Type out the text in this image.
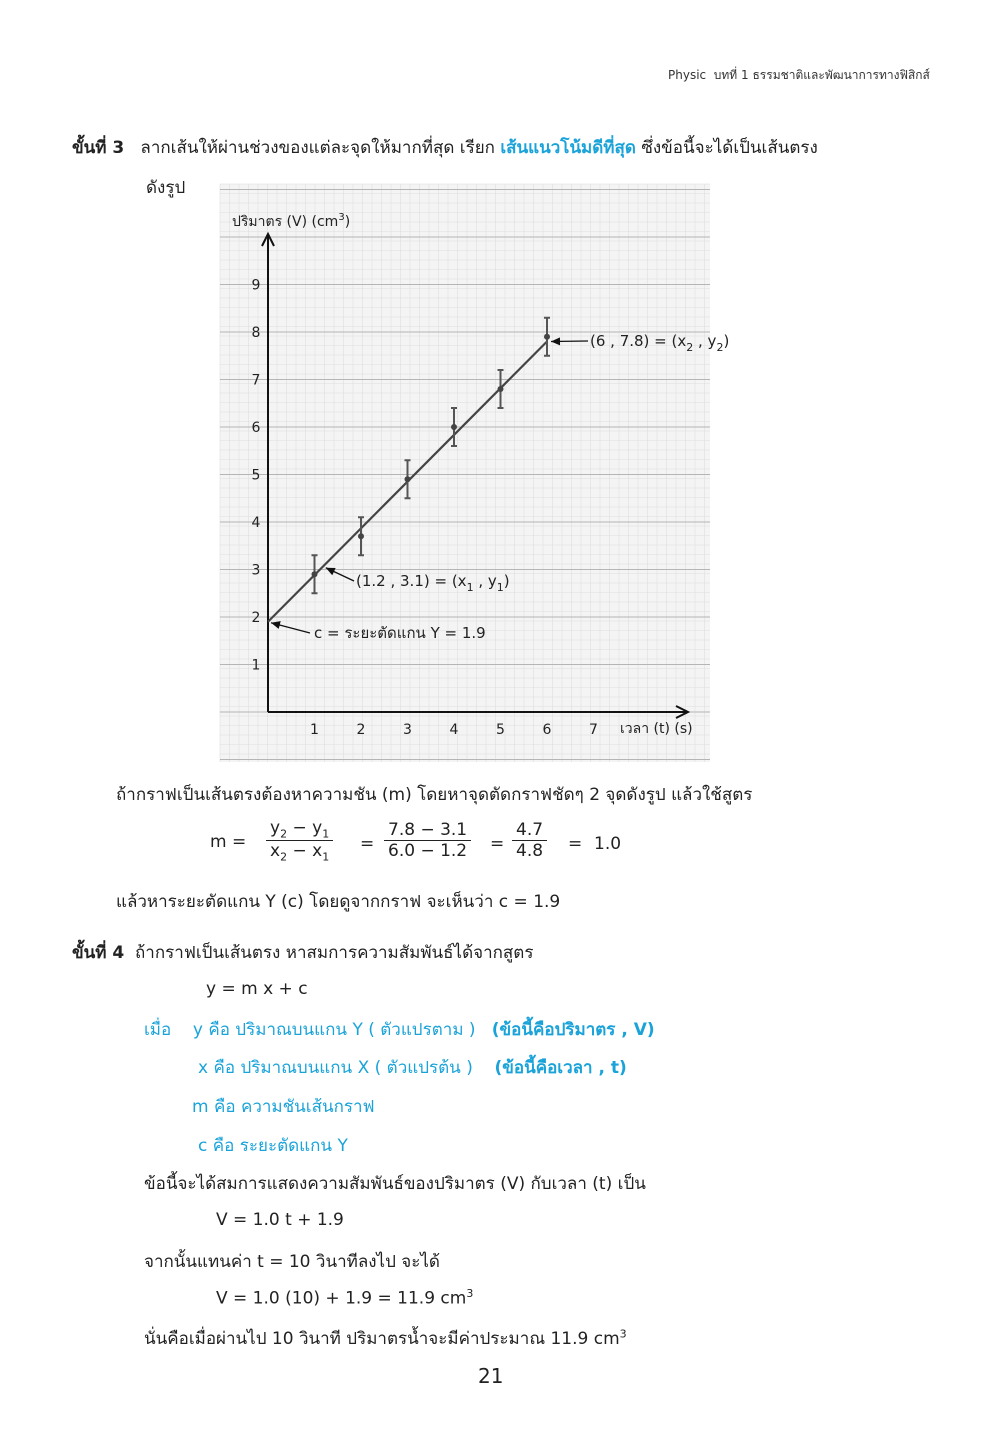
Physic บทที่ 1 ธรรมชาติและพัฒนาการทางฟิสิกส์
ขั้นที่ 3 ลากเส้นให้ผ่านช่วงของแต่ละจุดให้มากที่สุด เรียก เส้นแนวโน้มดีที่สุด ซึ่งข้อนี้จะได้เป็นเส้นตรง
ดังรูป
1	2	3	4	5	6	7
1
2
3
4
5
6
7
8
9
ปริมาตร (V) $(cm^3)$
เวลา (t) (s)
(6 , $7.8) = (x_2$ , $y_2$)
(1.2 , $3.1) = (x_1$ , $y_1$)
c = ระยะตัดแกน Y = 1.9
ถ้ากราฟเป็นเส้นตรงต้องหาความชัน (m) โดยหาจุดตัดกราฟชัดๆ 2 จุดดังรูป แล้วใช้สูตร
$m = \frac{y_2 - y_1}{x_2 - x_1} = \frac{7.8 - 3.1}{6.0 - 1.2} = \frac{4.7}{4.8} = 1.0$
แล้วหาระยะตัดแกน Y (c) โดยดูจากกราฟ จะเห็นว่า c = 1.9
ขั้นที่ 4 ถ้ากราฟเป็นเส้นตรง หาสมการความสัมพันธ์ได้จากสูตร
y = m x + c
เมื่อ y คือ ปริมาณบนแกน Y ( ตัวแปรตาม ) (ข้อนี้คือปริมาตร , V)
x คือ ปริมาณบนแกน X ( ตัวแปรต้น ) (ข้อนี้คือเวลา , t)
m คือ ความชันเส้นกราฟ
c คือ ระยะตัดแกน Y
ข้อนี้จะได้สมการแสดงความสัมพันธ์ของปริมาตร (V) กับเวลา (t) เป็น
V = 1.0 t + 1.9
จากนั้นแทนค่า t = 10 วินาทีลงไป จะได้
V = 1.0 (10) + 1.9 = 11.9 $cm^3$
นั่นคือเมื่อผ่านไป 10 วินาที ปริมาตรน้ำจะมีค่าประมาณ 11.9 $cm^3$
21
